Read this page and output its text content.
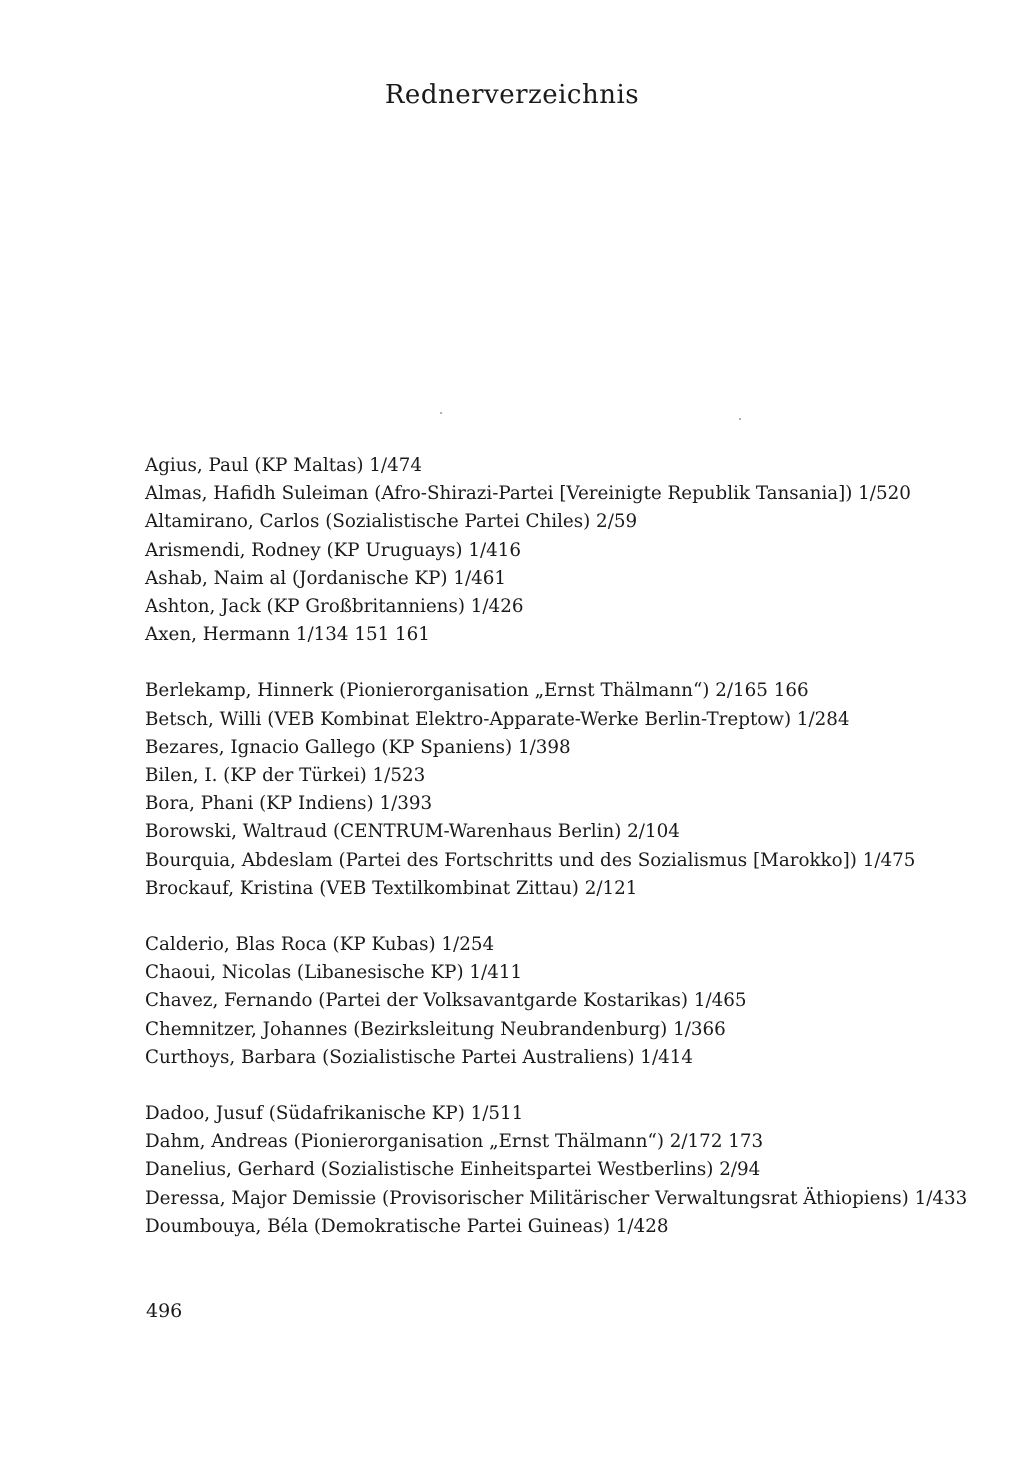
Rednerverzeichnis

Agius, Paul (KP Maltas) 1/474

Almas, Hafidh Suleiman (Afro-Shirazi-Partei [Vereinigte Republik Tansania]) 1/520

Altamirano, Carlos (Sozialistische Partei Chiles) 2/59

Arismendi, Rodney (KP Uruguays) 1/416

Ashab, Naim al (Jordanische KP) 1/461

Ashton, Jack (KP Großbritanniens) 1/426

Axen, Hermann 1/134 151 161

Berlekamp, Hinnerk (Pionierorganisation „Ernst Thälmann“) 2/165 166

Betsch, Willi (VEB Kombinat Elektro-Apparate-Werke Berlin-Treptow) 1/284

Bezares, Ignacio Gallego (KP Spaniens) 1/398

Bilen, I. (KP der Türkei) 1/523

Bora, Phani (KP Indiens) 1/393

Borowski, Waltraud (CENTRUM-Warenhaus Berlin) 2/104

Bourquia, Abdeslam (Partei des Fortschritts und des Sozialismus [Marokko]) 1/475

Brockauf, Kristina (VEB Textilkombinat Zittau) 2/121

Calderio, Blas Roca (KP Kubas) 1/254

Chaoui, Nicolas (Libanesische KP) 1/411

Chavez, Fernando (Partei der Volksavantgarde Kostarikas) 1/465

Chemnitzer, Johannes (Bezirksleitung Neubrandenburg) 1/366

Curthoys, Barbara (Sozialistische Partei Australiens) 1/414

Dadoo, Jusuf (Südafrikanische KP) 1/511

Dahm, Andreas (Pionierorganisation „Ernst Thälmann“) 2/172 173

Danelius, Gerhard (Sozialistische Einheitspartei Westberlins) 2/94

Deressa, Major Demissie (Provisorischer Militärischer Verwaltungsrat Äthiopiens) 1/433

Doumbouya, Béla (Demokratische Partei Guineas) 1/428

496
